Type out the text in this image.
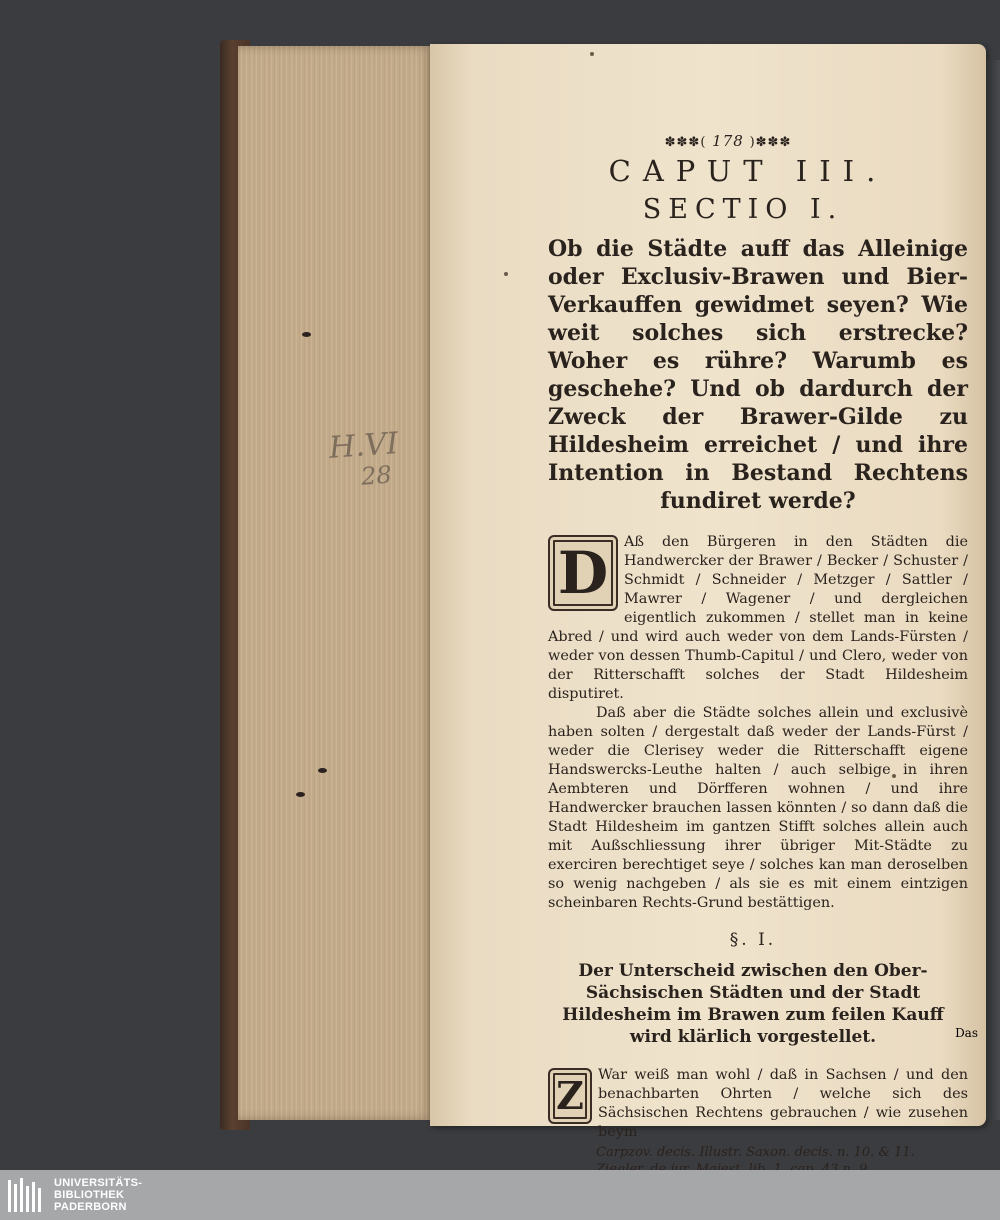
H.VI
28
✽✽✽( 178 )✽✽✽
CAPUT III.
SECTIO I.
Ob die Städte auff das Alleinige oder Exclusiv-Brawen und Bier-Verkauffen gewidmet seyen? Wie weit solches sich erstrecke? Woher es rühre? Warumb es geschehe? Und ob dardurch der Zweck der Brawer-Gilde zu Hildesheim erreichet / und ihre Intention in Bestand Rechtens fundiret werde?

D	Aß den Bürgeren in den Städten die Handwercker der Brawer / Becker / Schuster / Schmidt / Schneider / Metzger / Sattler / Mawrer / Wagener / und dergleichen eigentlich zukommen / stellet man in keine Abred / und wird auch weder von dem Lands-Fürsten / weder von dessen Thumb-Capitul / und Clero, weder von der Ritterschafft solches der Stadt Hildesheim disputiret.

Daß aber die Städte solches allein und exclusivè haben solten / dergestalt daß weder der Lands-Fürst / weder die Clerisey weder die Ritterschafft eigene Handswercks-Leuthe halten / auch selbige in ihren Aembteren und Dörfferen wohnen / und ihre Handwercker brauchen lassen könnten / so dann daß die Stadt Hildesheim im gantzen Stifft solches allein auch mit Außschliessung ihrer übriger Mit-Städte zu exerciren berechtiget seye / solches kan man deroselben so wenig nachgeben / als sie es mit einem eintzigen scheinbaren Rechts-Grund bestättigen.

§. I.
Der Unterscheid zwischen den Ober-Sächsischen Städten und der Stadt Hildesheim im Brawen zum feilen Kauff wird klärlich vorgestellet.

Z War weiß man wohl / daß in Sachsen / und den benachbarten Ohrten / welche sich des Sächsischen Rechtens gebrauchen / wie zusehen beym

Carpzov. decis. Illustr. Saxon. decis. n. 10. & 11.
Das
UNIVERSITÄTS-
BIBLIOTHEK
PADERBORN
